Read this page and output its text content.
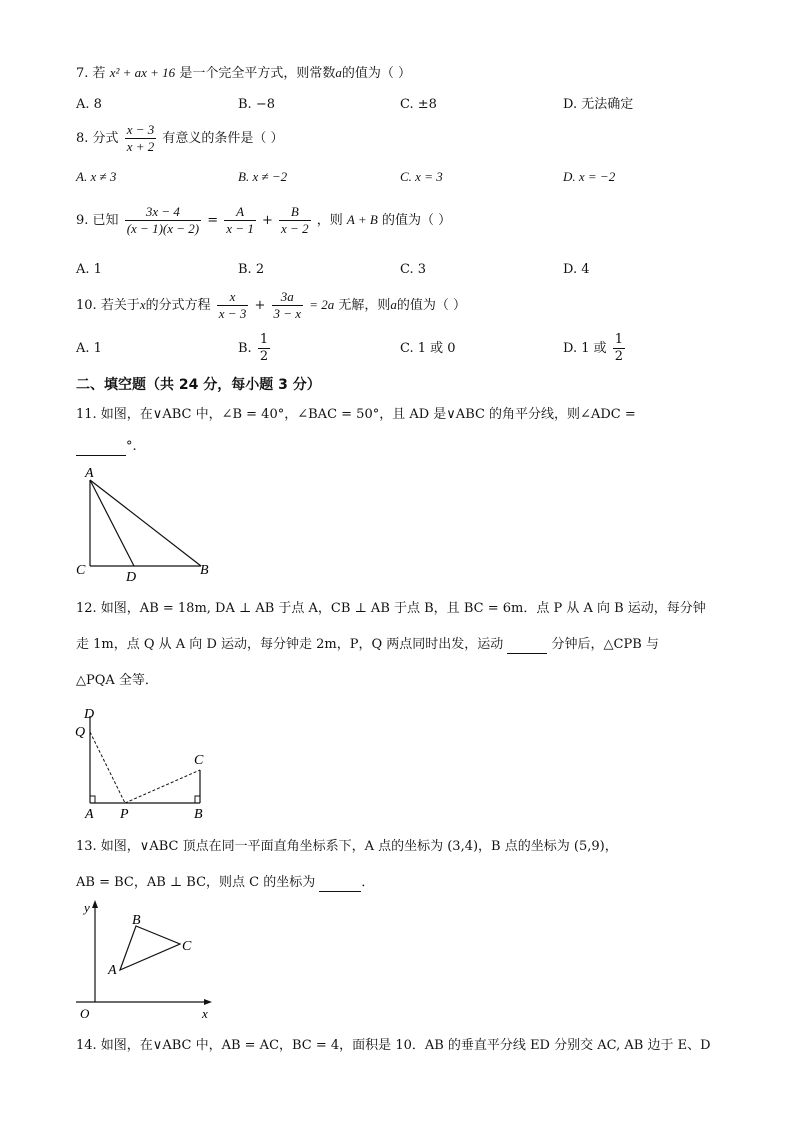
7. 若 x² + ax + 16 是一个完全平方式，则常数a的值为（ ）
A. 8	B. −8	C. ±8	D. 无法确定
8. 分式 $\frac{x - 3}{x + 2}$ 有意义的条件是（ ）
A. x ≠ 3	B. x ≠ −2	C. x = 3	D. x = −2
9. 已知 $\frac{3x - 4}{(x - 1)(x - 2)} = \frac{A}{x - 1} + \frac{B}{x - 2}$ ，则 A + B 的值为（ ）
A. 1	B. 2	C. 3	D. 4
10. 若关于x的分式方程 $\frac{x}{x - 3} + \frac{3a}{3 - x} = 2a$ 无解，则a的值为（ ）
A. 1	B. $\frac{1}{2}$	C. 1 或 0	D. 1 或 $\frac{1}{2}$
二、填空题（共 24 分，每小题 3 分）
11. 如图，在∨ABC 中，∠B = 40°，∠BAC = 50°，且 AD 是∨ABC 的角平分线，则∠ADC =
°.
A
C	D	B
12. 如图，AB = 18m, DA ⊥ AB 于点 A，CB ⊥ AB 于点 B，且 BC = 6m．点 P 从 A 向 B 运动，每分钟
走 1m，点 Q 从 A 向 D 运动，每分钟走 2m，P，Q 两点同时出发，运动	分钟后，△CPB 与
△PQA 全等．
D
Q
C
A P	B
13. 如图，∨ABC 顶点在同一平面直角坐标系下，A 点的坐标为 (3,4)，B 点的坐标为 (5,9)，
AB = BC，AB ⊥ BC，则点 C 的坐标为	．
y
B
C
A
O	x
14. 如图，在∨ABC 中，AB = AC，BC = 4，面积是 10．AB 的垂直平分线 ED 分别交 AC, AB 边于 E、D
